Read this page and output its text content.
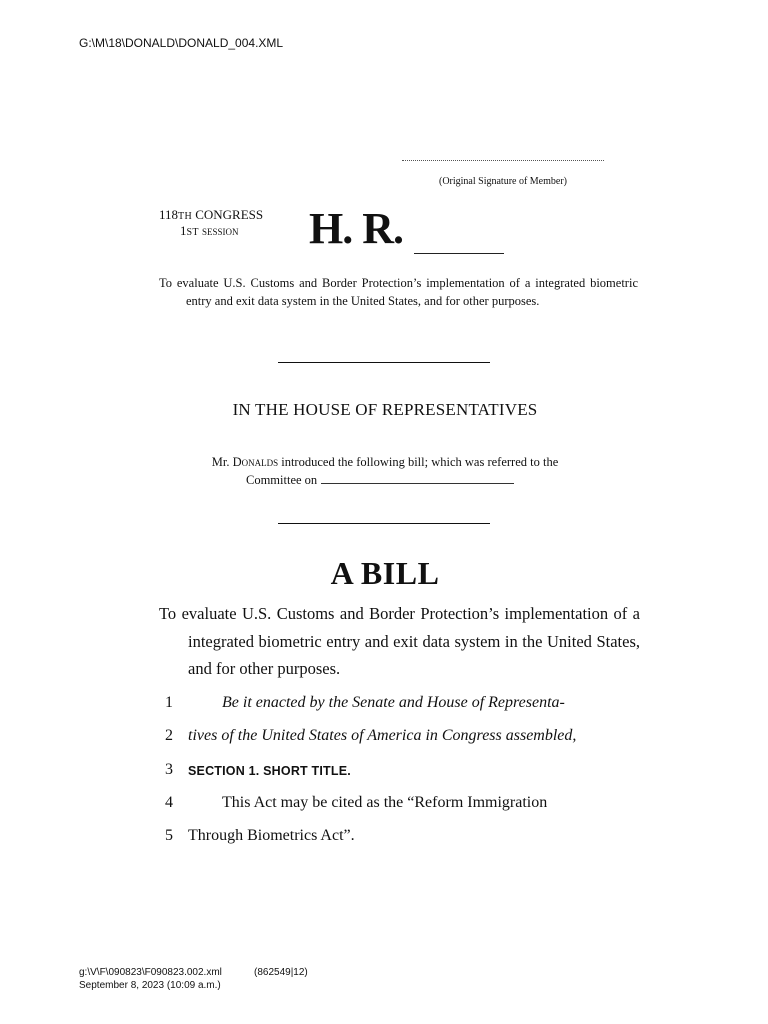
G:\M\18\DONALD\DONALD_004.XML
(Original Signature of Member)
118TH CONGRESS
1ST session H. R.
To evaluate U.S. Customs and Border Protection’s implementation of a integrated biometric entry and exit data system in the United States, and for other purposes.
IN THE HOUSE OF REPRESENTATIVES
Mr. Donalds introduced the following bill; which was referred to the
Committee on
A BILL
To evaluate U.S. Customs and Border Protection’s implementation of a integrated biometric entry and exit data system in the United States, and for other purposes.
1	Be it enacted by the Senate and House of Representa-
2 tives of the United States of America in Congress assembled,
3	SECTION 1. SHORT TITLE.
4	This Act may be cited as the “Reform Immigration
5 Through Biometrics Act”.
g:\V\F\090823\F090823.002.xml
September 8, 2023 (10:09 a.m.)
(862549|12)
